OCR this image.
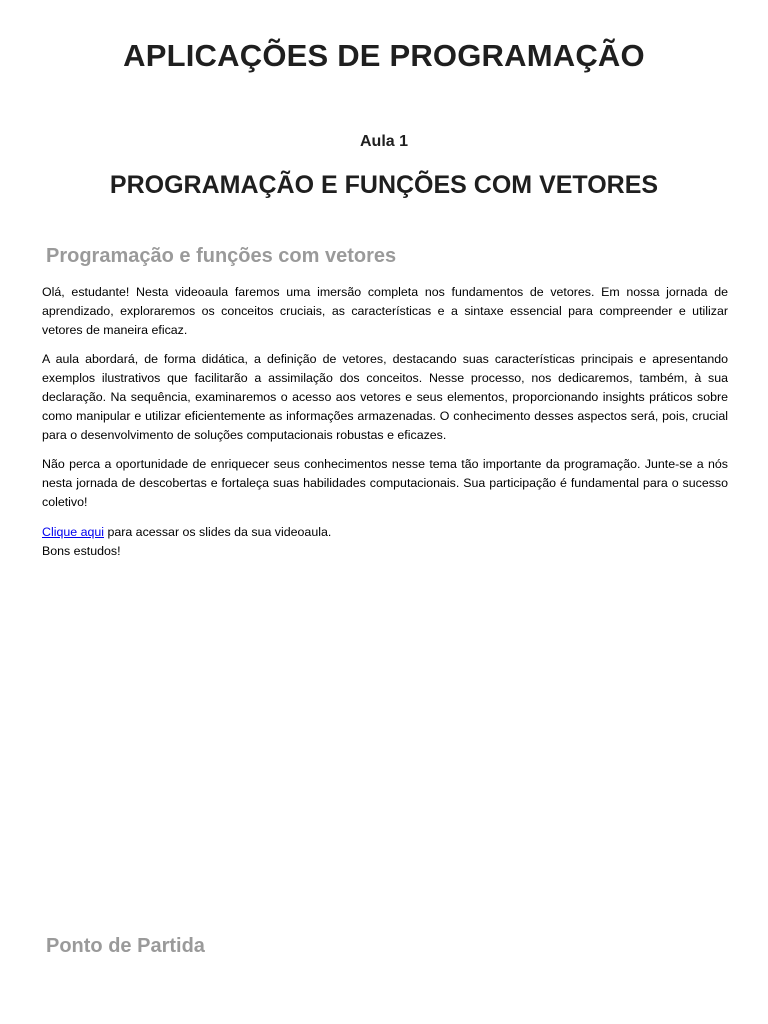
APLICAÇÕES DE PROGRAMAÇÃO
Aula 1
PROGRAMAÇÃO E FUNÇÕES COM VETORES
Programação e funções com vetores

Olá, estudante! Nesta videoaula faremos uma imersão completa nos fundamentos de vetores. Em nossa jornada de aprendizado, exploraremos os conceitos cruciais, as características e a sintaxe essencial para compreender e utilizar vetores de maneira eficaz.

A aula abordará, de forma didática, a definição de vetores, destacando suas características principais e apresentando exemplos ilustrativos que facilitarão a assimilação dos conceitos. Nesse processo, nos dedicaremos, também, à sua declaração. Na sequência, examinaremos o acesso aos vetores e seus elementos, proporcionando insights práticos sobre como manipular e utilizar eficientemente as informações armazenadas. O conhecimento desses aspectos será, pois, crucial para o desenvolvimento de soluções computacionais robustas e eficazes.

Não perca a oportunidade de enriquecer seus conhecimentos nesse tema tão importante da programação. Junte-se a nós nesta jornada de descobertas e fortaleça suas habilidades computacionais. Sua participação é fundamental para o sucesso coletivo!

Clique aqui para acessar os slides da sua videoaula.
Bons estudos!
Ponto de Partida
